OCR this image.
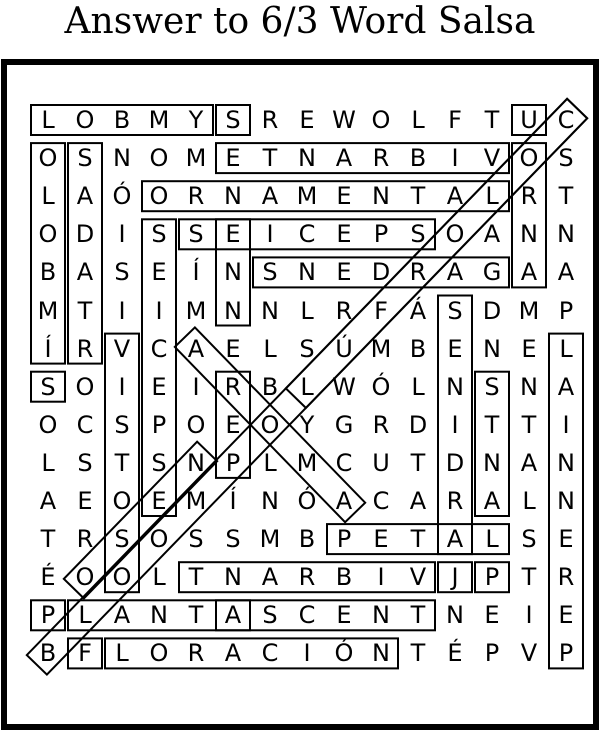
Answer to 6/3 Word Salsa
L O B M Y S R E W O L F T U C
O S N O M E T N A R B	I	V O S
L A Ó O R N A M E N T A L R T
O D	I	S S E	I	C E P S O A N N
B A S E	Í	N S N E D R A G A A
M T	I	I M N N L R F Á S D M P
Í	R V C A E L S Ú M B E N E L
S O	I	E	I	R B L W Ó L N S N A
O C S P O E O Y G R D	I	T T	I
L S T S N P L M C U T D N A N
A E O E M Í	N Ó A C A R A L N
T R S O S S M B P E T A L S E
É O O L T N A R B	I	V	J	P T R
P L A N T A S C E N T N E	I	E
B F L O R A C	I	Ó N T É P V P
